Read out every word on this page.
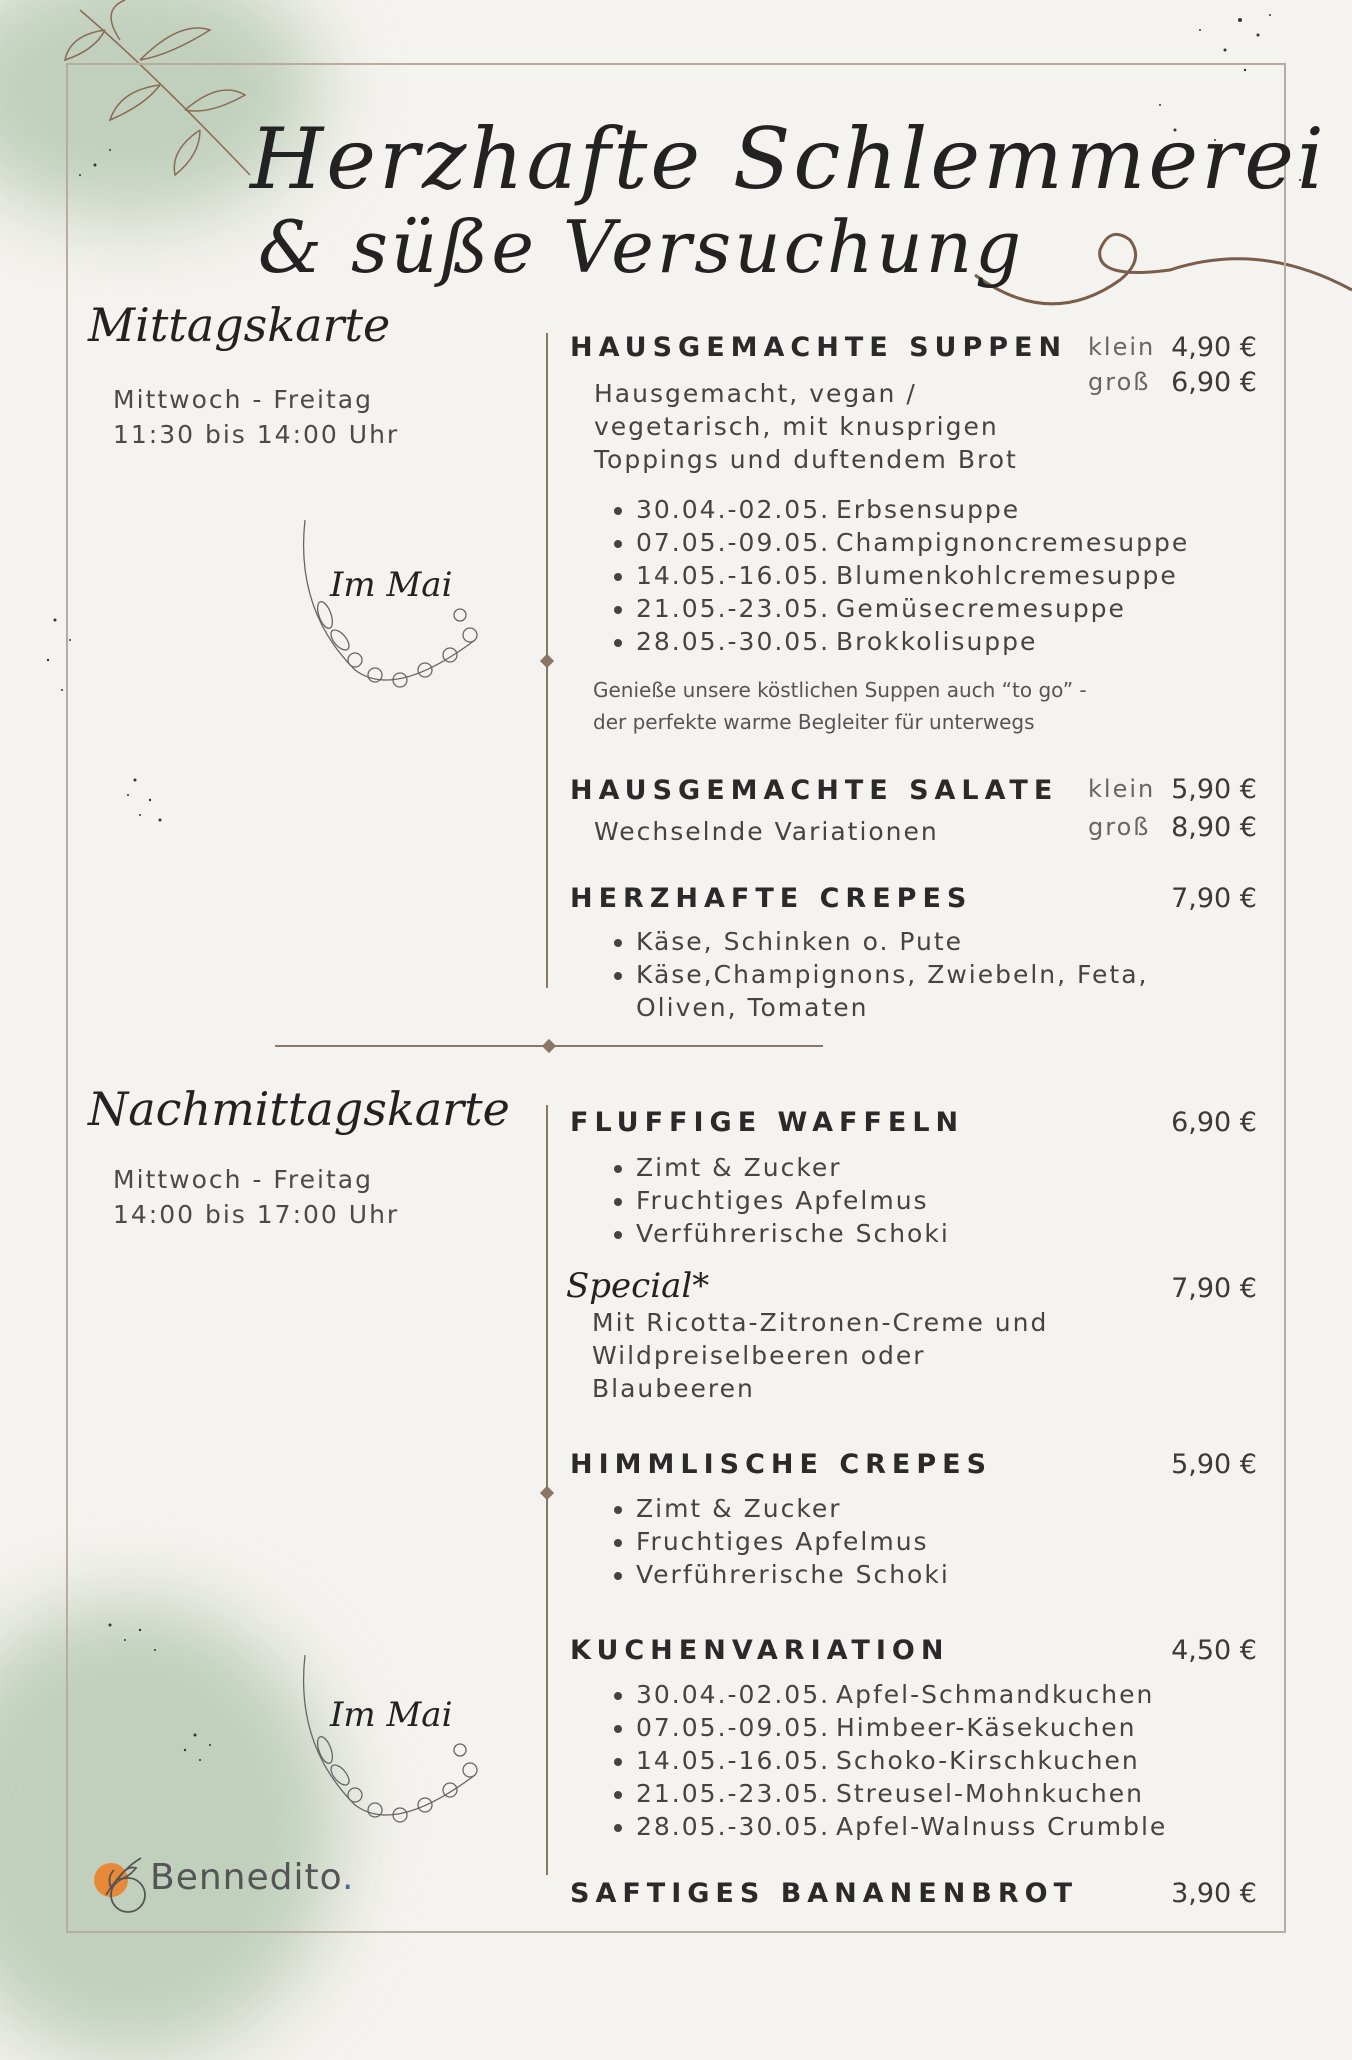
Herzhafte Schlemmerei
& süße Versuchung
Mittagskarte
Mittwoch - Freitag
11:30 bis 14:00 Uhr
Im Mai
HAUSGEMACHTE SUPPEN klein 4,90 €
groß 6,90 €
Hausgemacht, vegan /
vegetarisch, mit knusprigen
Toppings und duftendem Brot
• 30.04.-02.05. Erbsensuppe
• 07.05.-09.05. Champignoncremesuppe
• 14.05.-16.05. Blumenkohlcremesuppe
• 21.05.-23.05. Gemüsecremesuppe
• 28.05.-30.05. Brokkolisuppe
Genieße unsere köstlichen Suppen auch “to go” -
der perfekte warme Begleiter für unterwegs
HAUSGEMACHTE SALATE klein 5,90 €
groß 8,90 €
Wechselnde Variationen
HERZHAFTE CREPES	7,90 €
• Käse, Schinken o. Pute
• Käse,Champignons, Zwiebeln, Feta,
Oliven, Tomaten
Nachmittagskarte
Mittwoch - Freitag
14:00 bis 17:00 Uhr
Im Mai
FLUFFIGE WAFFELN	6,90 €
• Zimt & Zucker
• Fruchtiges Apfelmus
• Verführerische Schoki
Special*	7,90 €
Mit Ricotta-Zitronen-Creme und
Wildpreiselbeeren oder
Blaubeeren
HIMMLISCHE CREPES	5,90 €
• Zimt & Zucker
• Fruchtiges Apfelmus
• Verführerische Schoki
KUCHENVARIATION	4,50 €
• 30.04.-02.05. Apfel-Schmandkuchen
• 07.05.-09.05. Himbeer-Käsekuchen
• 14.05.-16.05. Schoko-Kirschkuchen
• 21.05.-23.05. Streusel-Mohnkuchen
• 28.05.-30.05. Apfel-Walnuss Crumble
SAFTIGES BANANENBROT	3,90 €
Bennedito.
